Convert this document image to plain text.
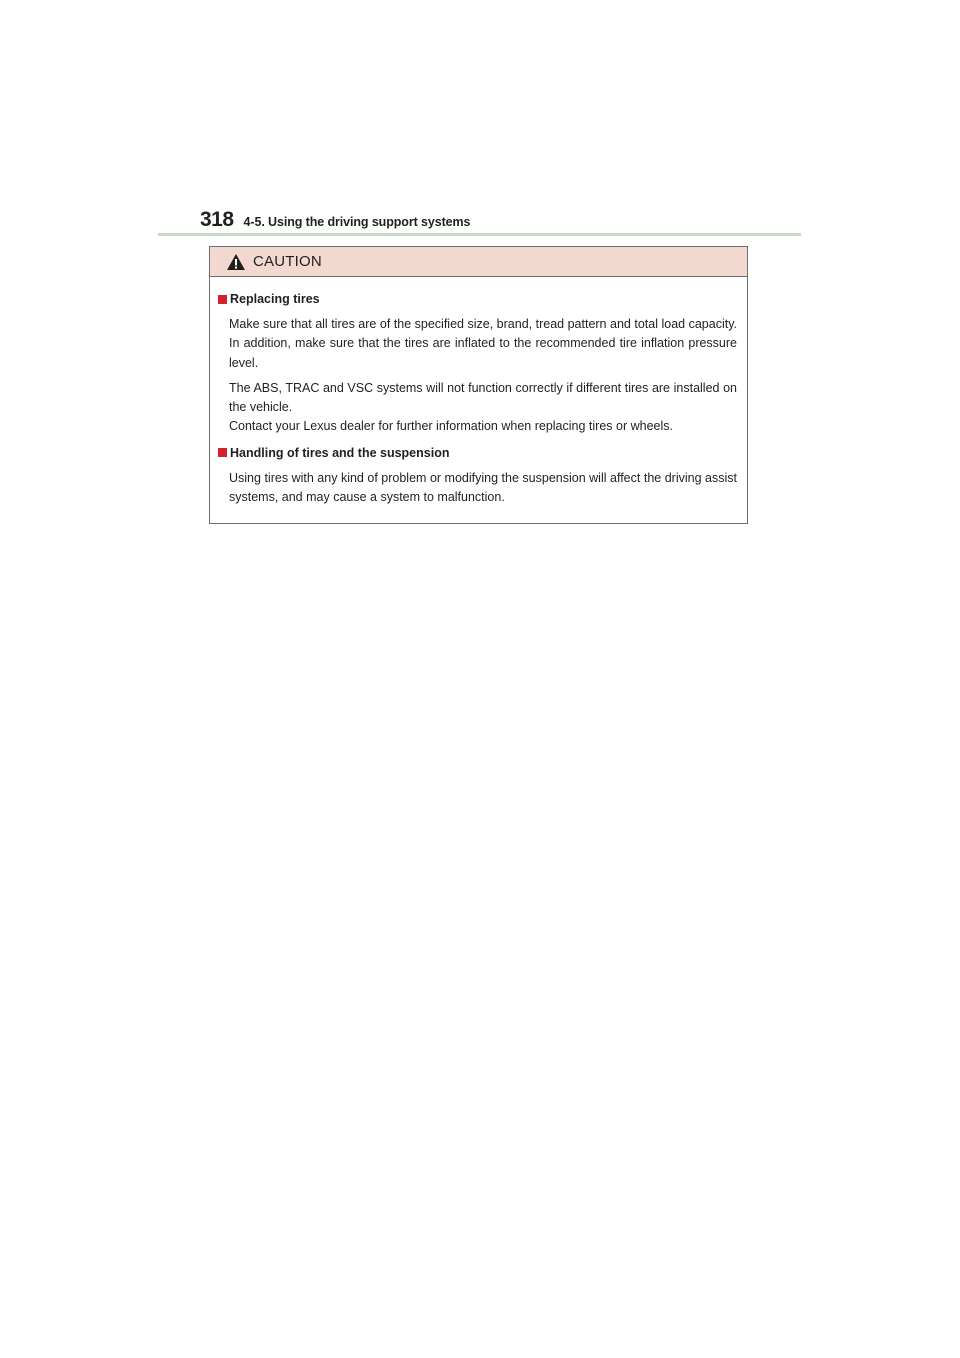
318 4-5. Using the driving support systems
CAUTION
Replacing tires

Make sure that all tires are of the specified size, brand, tread pattern and total load capacity. In addition, make sure that the tires are inflated to the recommended tire inflation pressure level.

The ABS, TRAC and VSC systems will not function correctly if different tires are installed on the vehicle.

Contact your Lexus dealer for further information when replacing tires or wheels.

Handling of tires and the suspension

Using tires with any kind of problem or modifying the suspension will affect the driving assist systems, and may cause a system to malfunction.
